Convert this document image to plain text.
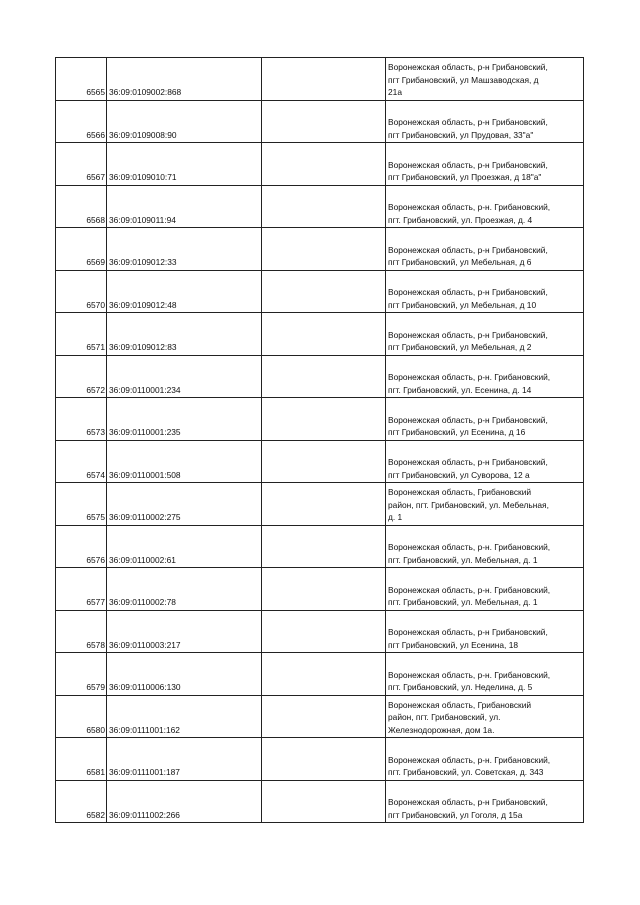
6565	36:09:0109002:868		Воронежская область, р-н Грибановский,
пгт Грибановский, ул Машзаводская, д
21а

6566	36:09:0109008:90		Воронежская область, р-н Грибановский,
пгт Грибановский, ул Прудовая, 33"а"

6567	36:09:0109010:71		Воронежская область, р-н Грибановский,
пгт Грибановский, ул Проезжая, д 18"а"

6568	36:09:0109011:94		Воронежская область, р-н. Грибановский,
пгт. Грибановский, ул. Проезжая, д. 4

6569	36:09:0109012:33		Воронежская область, р-н Грибановский,
пгт Грибановский, ул Мебельная, д 6

6570	36:09:0109012:48		Воронежская область, р-н Грибановский,
пгт Грибановский, ул Мебельная, д 10

6571	36:09:0109012:83		Воронежская область, р-н Грибановский,
пгт Грибановский, ул Мебельная, д 2

6572	36:09:0110001:234		Воронежская область, р-н. Грибановский,
пгт. Грибановский, ул. Есенина, д. 14

6573	36:09:0110001:235		Воронежская область, р-н Грибановский,
пгт Грибановский, ул Есенина, д 16

6574	36:09:0110001:508		Воронежская область, р-н Грибановский,
пгт Грибановский, ул Суворова, 12 а

6575	36:09:0110002:275		Воронежская область, Грибановский
район, пгт. Грибановский, ул. Мебельная,
д. 1

6576	36:09:0110002:61		Воронежская область, р-н. Грибановский,
пгт. Грибановский, ул. Мебельная, д. 1

6577	36:09:0110002:78		Воронежская область, р-н. Грибановский,
пгт. Грибановский, ул. Мебельная, д. 1

6578	36:09:0110003:217		Воронежская область, р-н Грибановский,
пгт Грибановский, ул Есенина, 18

6579	36:09:0110006:130		Воронежская область, р-н. Грибановский,
пгт. Грибановский, ул. Неделина, д. 5

6580	36:09:0111001:162		Воронежская область, Грибановский
район, пгт. Грибановский, ул.
Железнодорожная, дом 1а.

6581	36:09:0111001:187		Воронежская область, р-н. Грибановский,
пгт. Грибановский, ул. Советская, д. 343

6582	36:09:0111002:266		Воронежская область, р-н Грибановский,
пгт Грибановский, ул Гоголя, д 15а
